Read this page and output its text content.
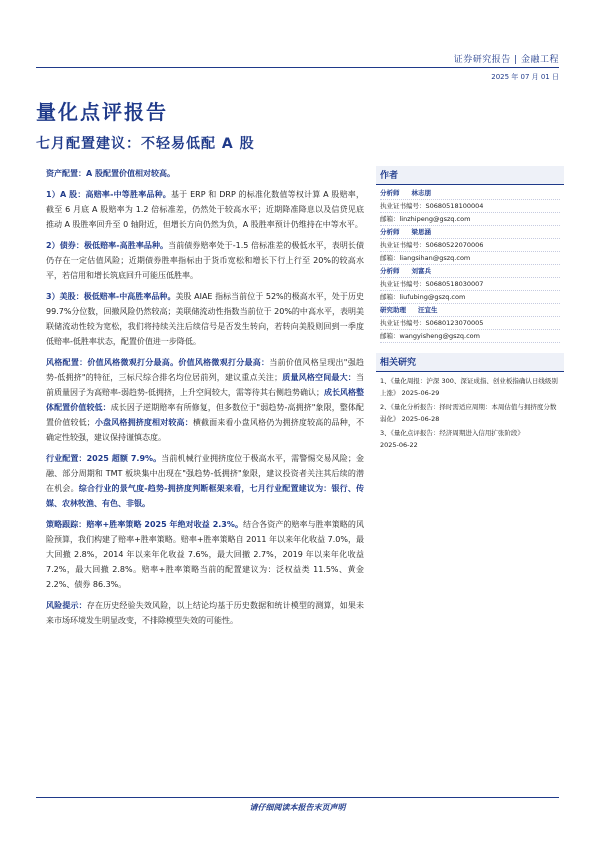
证券研究报告 | 金融工程
2025 年 07 月 01 日
量化点评报告
七月配置建议：不轻易低配 A 股
资产配置：A 股配置价值相对较高。
1）A 股：高赔率-中等胜率品种。基于 ERP 和 DRP 的标准化数值等权计算 A 股赔率，截至 6 月底 A 股赔率为 1.2 倍标准差，仍然处于较高水平；近期降准降息以及信贷见底推动 A 股胜率回升至 0 轴附近，但增长方向仍然为负，A 股胜率预计仍维持在中等水平。
2）债券：极低赔率-高胜率品种。当前债券赔率处于-1.5 倍标准差的极低水平，表明长债仍存在一定估值风险；近期债券胜率指标由于货币宽松和增长下行上行至 20%的较高水平，若信用和增长筑底回升可能压低胜率。
3）美股：极低赔率-中高胜率品种。美股 AIAE 指标当前位于 52%的极高水平，处于历史 99.7%分位数，回撤风险仍然较高；美联储流动性指数当前位于 20%的中高水平，表明美联储流动性较为宽松，我们将持续关注后续信号是否发生转向，若转向美股则回到一季度低赔率-低胜率状态，配置价值进一步降低。
风格配置：价值风格微观打分最高。价值风格微观打分最高：当前价值风格呈现出"强趋势-低拥挤"的特征，三标尺综合排名均位居前列，建议重点关注；质量风格空间最大：当前质量因子为高赔率-弱趋势-低拥挤，上升空间较大，需等待其右侧趋势确认；成长风格整体配置价值较低：成长因子逆期赔率有所修复，但多数位于"弱趋势-高拥挤"象限，整体配置价值较低；小盘风格拥挤度相对较高：横截面来看小盘风格仍为拥挤度较高的品种，不确定性较强，建议保持谨慎态度。
行业配置：2025 超额 7.9%。当前机械行业拥挤度位于极高水平，需警惕交易风险；金融、部分周期和 TMT 板块集中出现在"强趋势-低拥挤"象限，建议投资者关注其后续的潜在机会。综合行业的景气度-趋势-拥挤度判断框架来看，七月行业配置建议为：银行、传媒、农林牧渔、有色、非银。
策略跟踪：赔率+胜率策略 2025 年绝对收益 2.3%。结合各资产的赔率与胜率策略的风险预算，我们构建了赔率+胜率策略。赔率+胜率策略自 2011 年以来年化收益 7.0%，最大回撤 2.8%，2014 年以来年化收益 7.6%，最大回撤 2.7%，2019 年以来年化收益 7.2%，最大回撤 2.8%。赔率+胜率策略当前的配置建议为：泛权益类 11.5%、黄金 2.2%、债券 86.3%。
风险提示：存在历史经验失效风险，以上结论均基于历史数据和统计模型的测算，如果未来市场环境发生明显改变，不排除模型失效的可能性。
作者
分析师 林志朋
执业证书编号：S0680518100004
邮箱：linzhipeng@gszq.com
分析师 梁思涵
执业证书编号：S0680522070006
邮箱：liangsihan@gszq.com
分析师 刘富兵
执业证书编号：S0680518030007
邮箱：liufubing@gszq.com
研究助理 汪宜生
执业证书编号：S0680123070005
邮箱：wangyisheng@gszq.com
相关研究
1、《量化周报：沪深 300、深证成指、创业板指确认日线级别上涨》 2025-06-29
2、《量化分析报告：择时需适应周期：本周估值与拥挤度分数弱化》 2025-06-28
3、《量化点评报告：经济周期进入信用扩张阶段》
2025-06-22
请仔细阅读本报告末页声明
